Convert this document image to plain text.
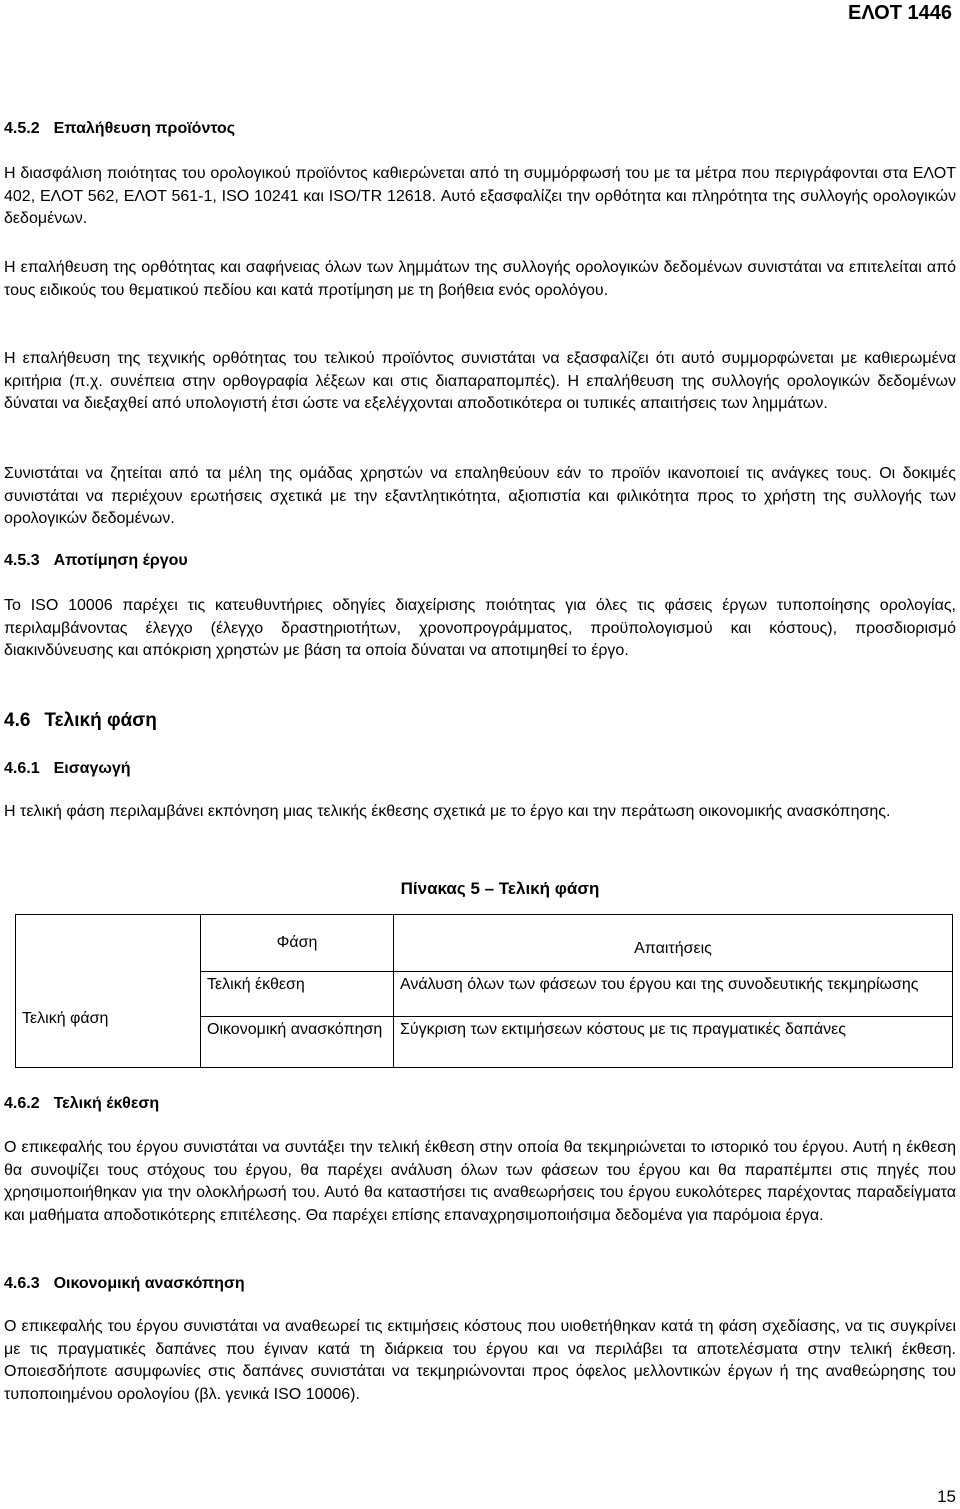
ΕΛΟΤ 1446
4.5.2 Επαλήθευση προϊόντος
Η διασφάλιση ποιότητας του ορολογικού προϊόντος καθιερώνεται από τη συμμόρφωσή του με τα μέτρα που περιγράφονται στα ΕΛΟΤ 402, ΕΛΟΤ 562, ΕΛΟΤ 561-1, ISO 10241 και ISO/TR 12618. Αυτό εξασφαλίζει την ορθότητα και πληρότητα της συλλογής ορολογικών δεδομένων.
Η επαλήθευση της ορθότητας και σαφήνειας όλων των λημμάτων της συλλογής ορολογικών δεδομένων συνιστάται να επιτελείται από τους ειδικούς του θεματικού πεδίου και κατά προτίμηση με τη βοήθεια ενός ορολόγου.
Η επαλήθευση της τεχνικής ορθότητας του τελικού προϊόντος συνιστάται να εξασφαλίζει ότι αυτό συμμορφώνεται με καθιερωμένα κριτήρια (π.χ. συνέπεια στην ορθογραφία λέξεων και στις διαπαραπομπές). Η επαλήθευση της συλλογής ορολογικών δεδομένων δύναται να διεξαχθεί από υπολογιστή έτσι ώστε να εξελέγχονται αποδοτικότερα οι τυπικές απαιτήσεις των λημμάτων.
Συνιστάται να ζητείται από τα μέλη της ομάδας χρηστών να επαληθεύουν εάν το προϊόν ικανοποιεί τις ανάγκες τους. Οι δοκιμές συνιστάται να περιέχουν ερωτήσεις σχετικά με την εξαντλητικότητα, αξιοπιστία και φιλικότητα προς το χρήστη της συλλογής των ορολογικών δεδομένων.
4.5.3 Αποτίμηση έργου
Το ISO 10006 παρέχει τις κατευθυντήριες οδηγίες διαχείρισης ποιότητας για όλες τις φάσεις έργων τυποποίησης ορολογίας, περιλαμβάνοντας έλεγχο (έλεγχο δραστηριοτήτων, χρονοπρογράμματος, προϋπολογισμού και κόστους), προσδιορισμό διακινδύνευσης και απόκριση χρηστών με βάση τα οποία δύναται να αποτιμηθεί το έργο.
4.6 Τελική φάση
4.6.1 Εισαγωγή
Η τελική φάση περιλαμβάνει εκπόνηση μιας τελικής έκθεσης σχετικά με το έργο και την περάτωση οικονομικής ανασκόπησης.
Πίνακας 5 – Τελική φάση
	Φάση	Απαιτήσεις
Τελική φάση	Τελική έκθεση	Ανάλυση όλων των φάσεων του έργου και της συνοδευτικής τεκμηρίωσης
	Οικονομική ανασκόπηση	Σύγκριση των εκτιμήσεων κόστους με τις πραγματικές δαπάνες
4.6.2 Τελική έκθεση
Ο επικεφαλής του έργου συνιστάται να συντάξει την τελική έκθεση στην οποία θα τεκμηριώνεται το ιστορικό του έργου. Αυτή η έκθεση θα συνοψίζει τους στόχους του έργου, θα παρέχει ανάλυση όλων των φάσεων του έργου και θα παραπέμπει στις πηγές που χρησιμοποιήθηκαν για την ολοκλήρωσή του. Αυτό θα καταστήσει τις αναθεωρήσεις του έργου ευκολότερες παρέχοντας παραδείγματα και μαθήματα αποδοτικότερης επιτέλεσης. Θα παρέχει επίσης επαναχρησιμοποιήσιμα δεδομένα για παρόμοια έργα.
4.6.3 Οικονομική ανασκόπηση
Ο επικεφαλής του έργου συνιστάται να αναθεωρεί τις εκτιμήσεις κόστους που υιοθετήθηκαν κατά τη φάση σχεδίασης, να τις συγκρίνει με τις πραγματικές δαπάνες που έγιναν κατά τη διάρκεια του έργου και να περιλάβει τα αποτελέσματα στην τελική έκθεση. Οποιεσδήποτε ασυμφωνίες στις δαπάνες συνιστάται να τεκμηριώνονται προς όφελος μελλοντικών έργων ή της αναθεώρησης του τυποποιημένου ορολογίου (βλ. γενικά ISO 10006).
15
